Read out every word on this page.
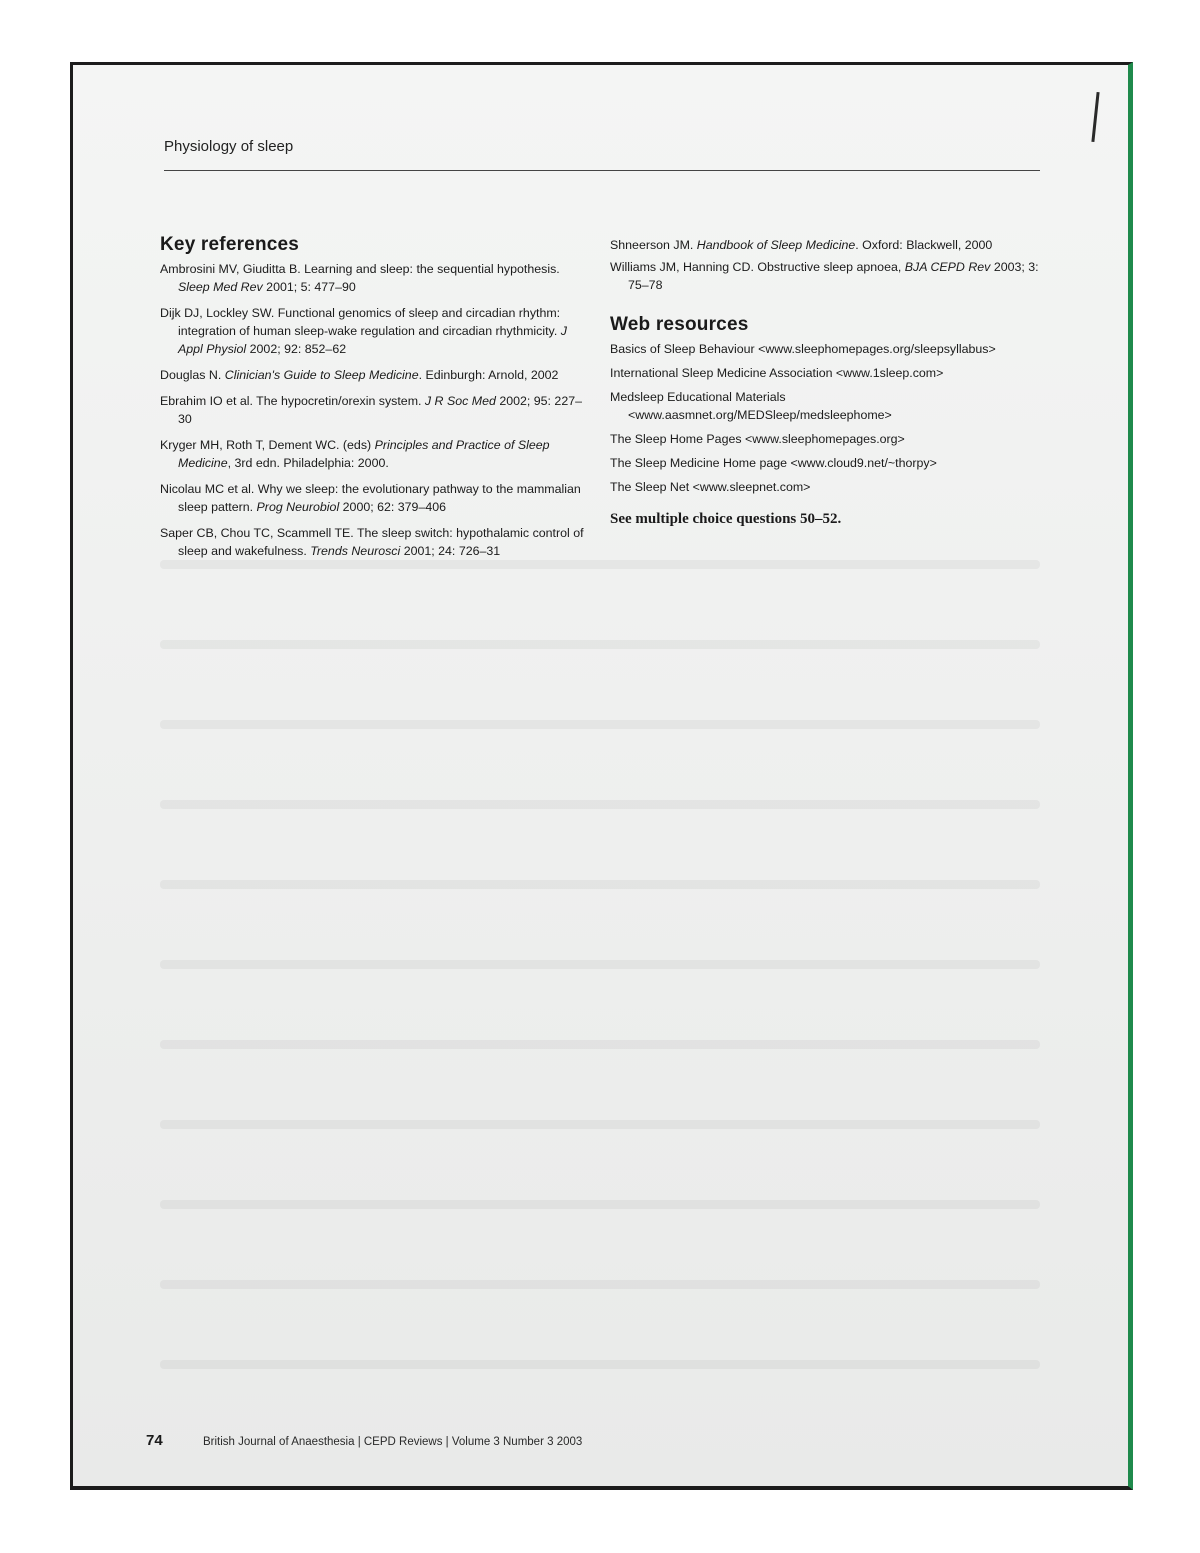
Physiology of sleep
Key references
Ambrosini MV, Giuditta B. Learning and sleep: the sequential hypothesis. Sleep Med Rev 2001; 5: 477–90
Dijk DJ, Lockley SW. Functional genomics of sleep and circadian rhythm: integration of human sleep-wake regulation and circadian rhythmicity. J Appl Physiol 2002; 92: 852–62
Douglas N. Clinician's Guide to Sleep Medicine. Edinburgh: Arnold, 2002
Ebrahim IO et al. The hypocretin/orexin system. J R Soc Med 2002; 95: 227–30
Kryger MH, Roth T, Dement WC. (eds) Principles and Practice of Sleep Medicine, 3rd edn. Philadelphia: 2000.
Nicolau MC et al. Why we sleep: the evolutionary pathway to the mammalian sleep pattern. Prog Neurobiol 2000; 62: 379–406
Saper CB, Chou TC, Scammell TE. The sleep switch: hypothalamic control of sleep and wakefulness. Trends Neurosci 2001; 24: 726–31
Shneerson JM. Handbook of Sleep Medicine. Oxford: Blackwell, 2000
Williams JM, Hanning CD. Obstructive sleep apnoea, BJA CEPD Rev 2003; 3: 75–78
Web resources
Basics of Sleep Behaviour <www.sleephomepages.org/sleepsyllabus>
International Sleep Medicine Association <www.1sleep.com>
Medsleep Educational Materials <www.aasmnet.org/MEDSleep/medsleephome>
The Sleep Home Pages <www.sleephomepages.org>
The Sleep Medicine Home page <www.cloud9.net/~thorpy>
The Sleep Net <www.sleepnet.com>
See multiple choice questions 50–52.
74	British Journal of Anaesthesia | CEPD Reviews | Volume 3 Number 3 2003
